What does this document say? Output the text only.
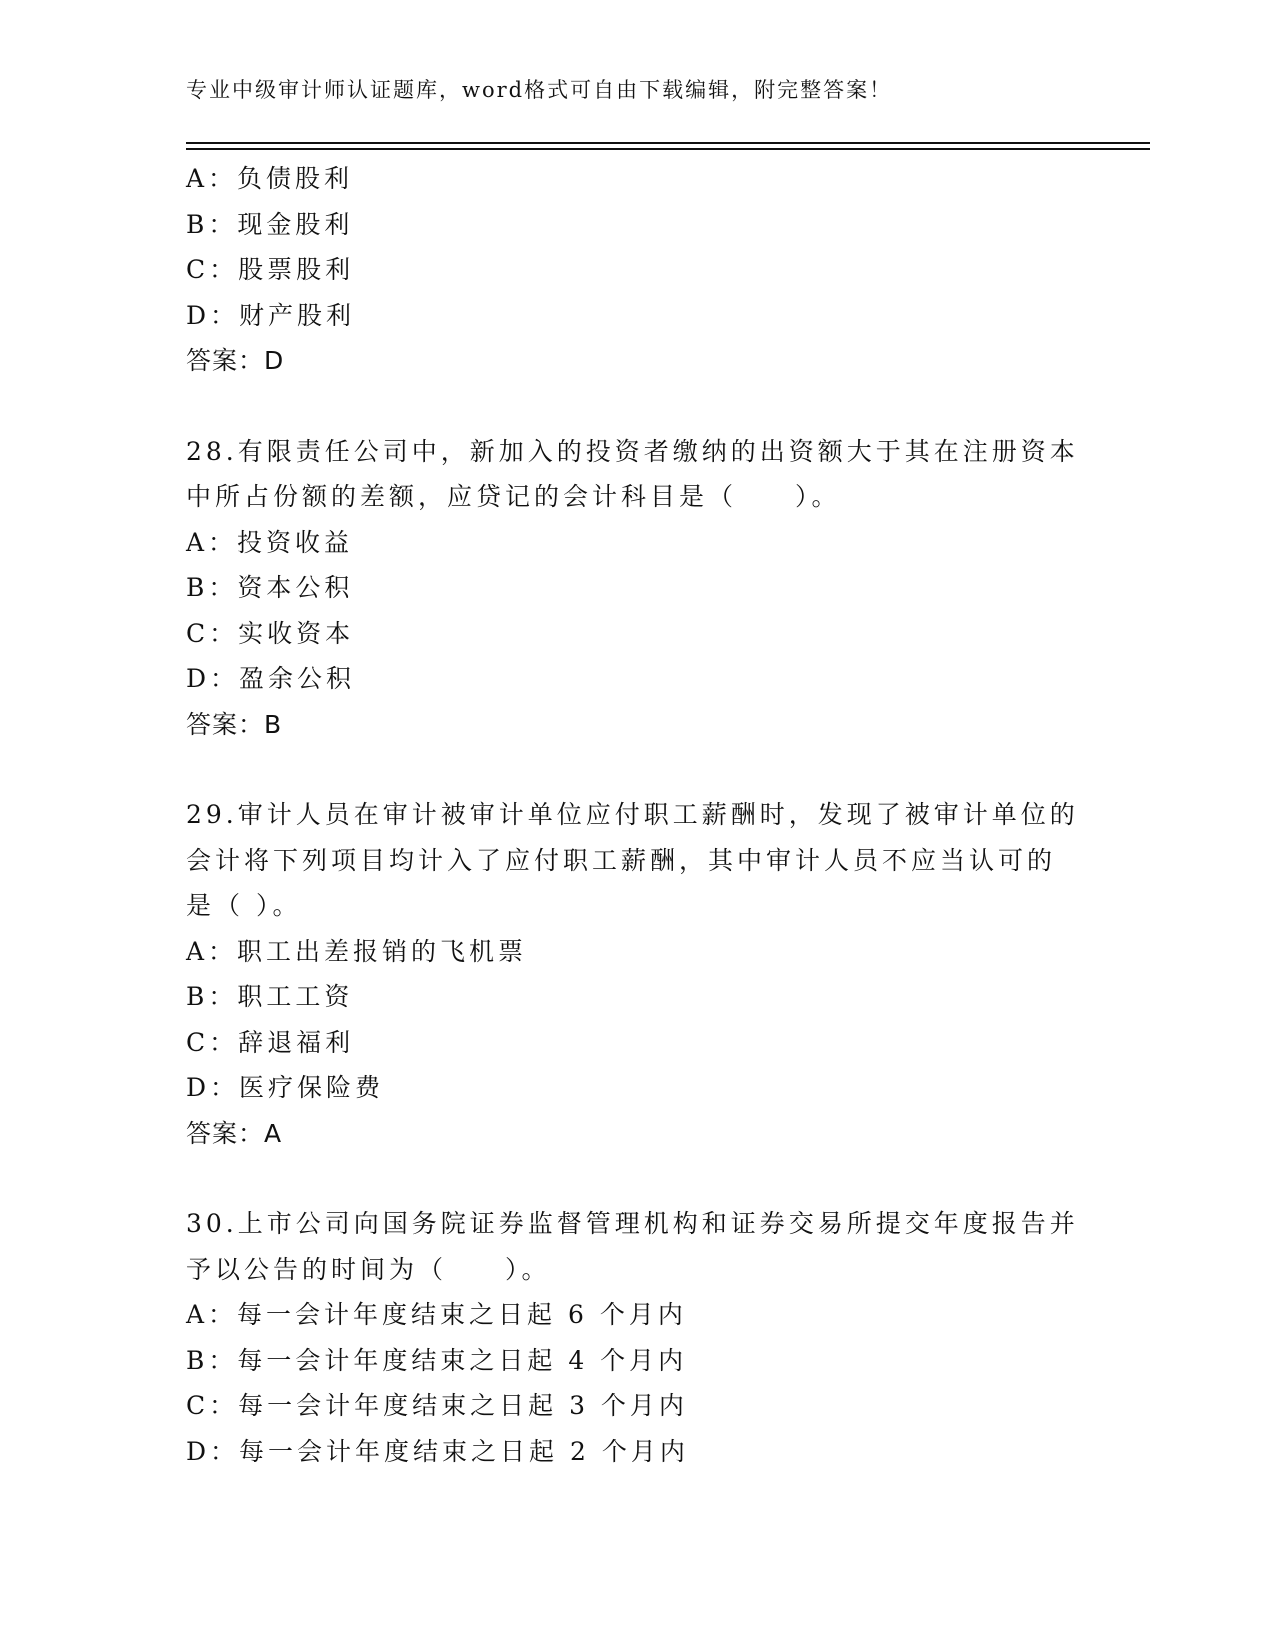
专业中级审计师认证题库，word格式可自由下载编辑，附完整答案！
A：负债股利
B：现金股利
C：股票股利
D：财产股利
答案：D
28.有限责任公司中，新加入的投资者缴纳的出资额大于其在注册资本
中所占份额的差额，应贷记的会计科目是（　　）。
A：投资收益
B：资本公积
C：实收资本
D：盈余公积
答案：B
29.审计人员在审计被审计单位应付职工薪酬时，发现了被审计单位的
会计将下列项目均计入了应付职工薪酬，其中审计人员不应当认可的
是（ ）。
A：职工出差报销的飞机票
B：职工工资
C：辞退福利
D：医疗保险费
答案：A
30.上市公司向国务院证券监督管理机构和证券交易所提交年度报告并
予以公告的时间为（　　）。
A：每一会计年度结束之日起 6 个月内
B：每一会计年度结束之日起 4 个月内
C：每一会计年度结束之日起 3 个月内
D：每一会计年度结束之日起 2 个月内
